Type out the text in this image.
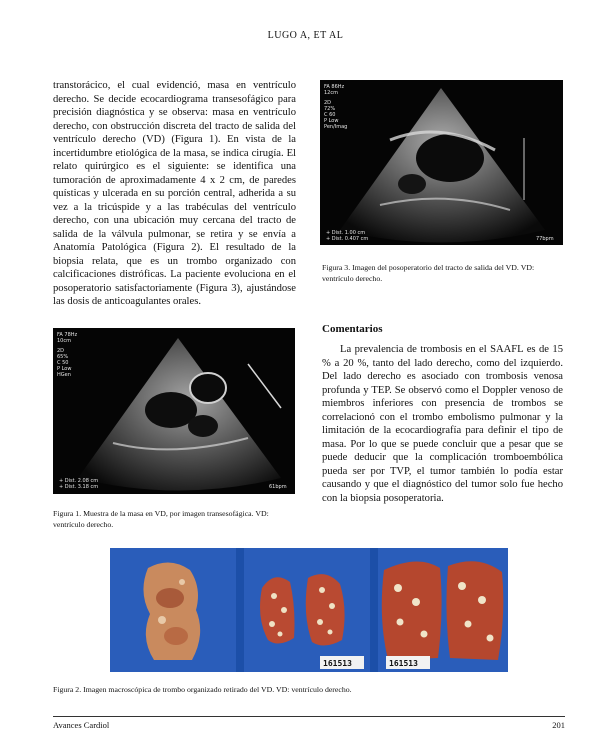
LUGO A, ET AL

transtorácico, el cual evidenció, masa en ventrículo derecho. Se decide ecocardiograma transesofágico para precisión diagnóstica y se observa: masa en ventrículo derecho, con obstrucción discreta del tracto de salida del ventrículo derecho (VD) (Figura 1). En vista de la incertidumbre etiológica de la masa, se indica cirugía. El relato quirúrgico es el siguiente: se identifica una tumoración de aproximadamente 4 x 2 cm, de paredes quísticas y ulcerada en su porción central, adherida a su vez a la tricúspide y a las trabéculas del ventrículo derecho, con una ubicación muy cercana del tracto de salida de la válvula pulmonar, se retira y se envía a Anatomía Patológica (Figura 2). El resultado de la biopsia relata, que es un trombo organizado con calcificaciones distróficas. La paciente evoluciona en el posoperatorio satisfactoriamente (Figura 3), ajustándose las dosis de anticoagulantes orales.

FA 86Hz
12cm
2D
72%
C 60
P Low
Pen/Imag
+ Dist. 1.00 cm
+ Dist. 0.407 cm	77bpm

Figura 3. Imagen del posoperatorio del tracto de salida del VD. VD: ventrículo derecho.

FA 78Hz
10cm
2D
65%
C 50
P Low
HGen
+ Dist. 2.08 cm
+ Dist. 3.18 cm	61bpm

Figura 1. Muestra de la masa en VD, por imagen transesofágica. VD: ventrículo derecho.

Comentarios

La prevalencia de trombosis en el SAAFL es de 15 % a 20 %, tanto del lado derecho, como del izquierdo. Del lado derecho es asociado con trombosis venosa profunda y TEP. Se observó como el Doppler venoso de miembros inferiores con presencia de trombos se correlacionó con el trombo embolismo pulmonar y la limitación de la ecocardiografía para definir el tipo de masa. Por lo que se puede concluir que a pesar que se puede deducir que la complicación tromboembólica pueda ser por TVP, el tumor también lo podía estar causando y que el diagnóstico del tumor solo fue hecho con la biopsia posoperatoria.

161513	161513

Figura 2. Imagen macroscópica de trombo organizado retirado del VD. VD: ventrículo derecho.

Avances Cardiol	201
